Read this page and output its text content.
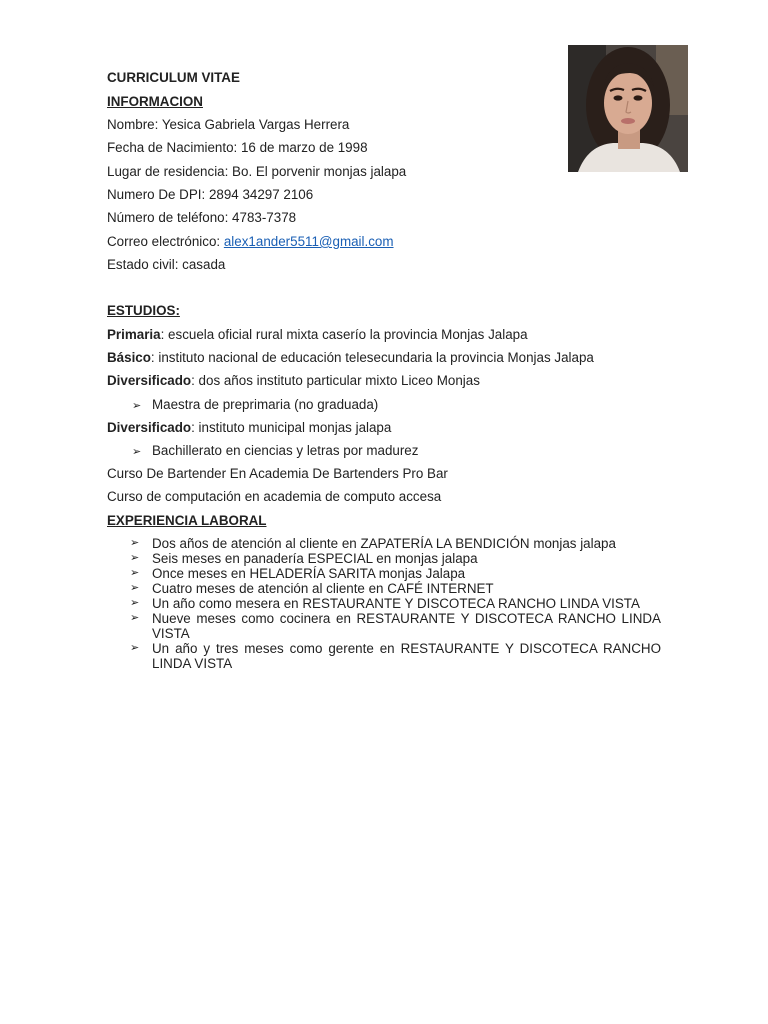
CURRICULUM VITAE
INFORMACION
Nombre: Yesica Gabriela Vargas Herrera
Fecha de Nacimiento: 16 de marzo de 1998
Lugar de residencia: Bo. El porvenir monjas jalapa
Numero De DPI: 2894 34297 2106
Número de teléfono: 4783-7378
Correo electrónico: alex1ander5511@gmail.com
Estado civil: casada
ESTUDIOS:
Primaria: escuela oficial rural mixta caserío la provincia Monjas Jalapa
Básico: instituto nacional de educación telesecundaria la provincia Monjas Jalapa
Diversificado: dos años instituto particular mixto Liceo Monjas
➢ Maestra de preprimaria (no graduada)
Diversificado: instituto municipal monjas jalapa
➢ Bachillerato en ciencias y letras por madurez
Curso De Bartender En Academia De Bartenders Pro Bar
Curso de computación en academia de computo accesa
EXPERIENCIA LABORAL
➢ Dos años de atención al cliente en ZAPATERÍA LA BENDICIÓN monjas jalapa
➢ Seis meses en panadería ESPECIAL en monjas jalapa
➢ Once meses en HELADERÍA SARITA monjas Jalapa
➢ Cuatro meses de atención al cliente en CAFÉ INTERNET
➢ Un año como mesera en RESTAURANTE Y DISCOTECA RANCHO LINDA VISTA
➢ Nueve meses como cocinera en RESTAURANTE Y DISCOTECA RANCHO LINDA VISTA
➢ Un año y tres meses como gerente en RESTAURANTE Y DISCOTECA RANCHO LINDA VISTA
